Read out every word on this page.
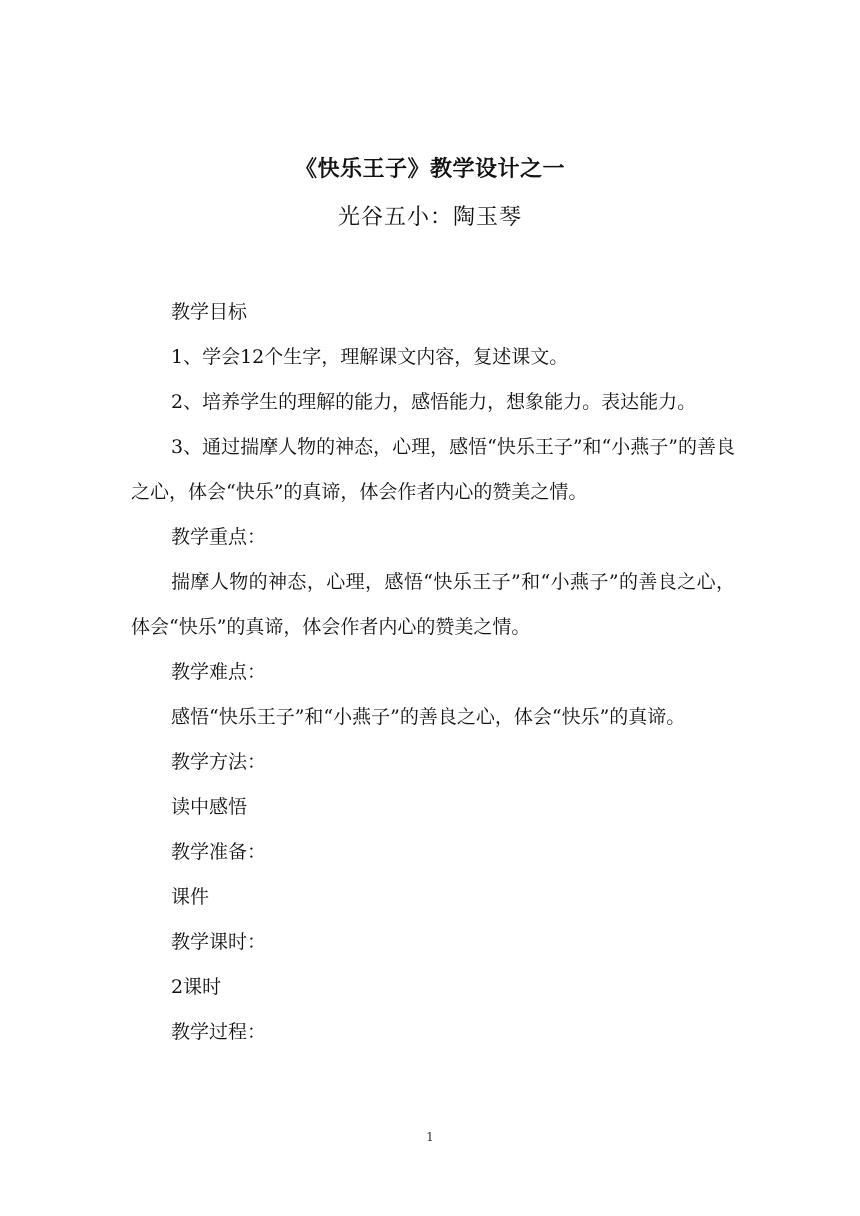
《快乐王子》教学设计之一
光谷五小：陶玉琴

教学目标

1、学会12个生字，理解课文内容，复述课文。

2、培养学生的理解的能力，感悟能力，想象能力。表达能力。

3、通过揣摩人物的神态，心理，感悟“快乐王子”和“小燕子”的善良之心，体会“快乐”的真谛，体会作者内心的赞美之情。

教学重点：

揣摩人物的神态，心理，感悟“快乐王子”和“小燕子”的善良之心，体会“快乐”的真谛，体会作者内心的赞美之情。

教学难点：

感悟“快乐王子”和“小燕子”的善良之心，体会“快乐”的真谛。

教学方法：

读中感悟

教学准备：

课件

教学课时：

2课时

教学过程：

1
